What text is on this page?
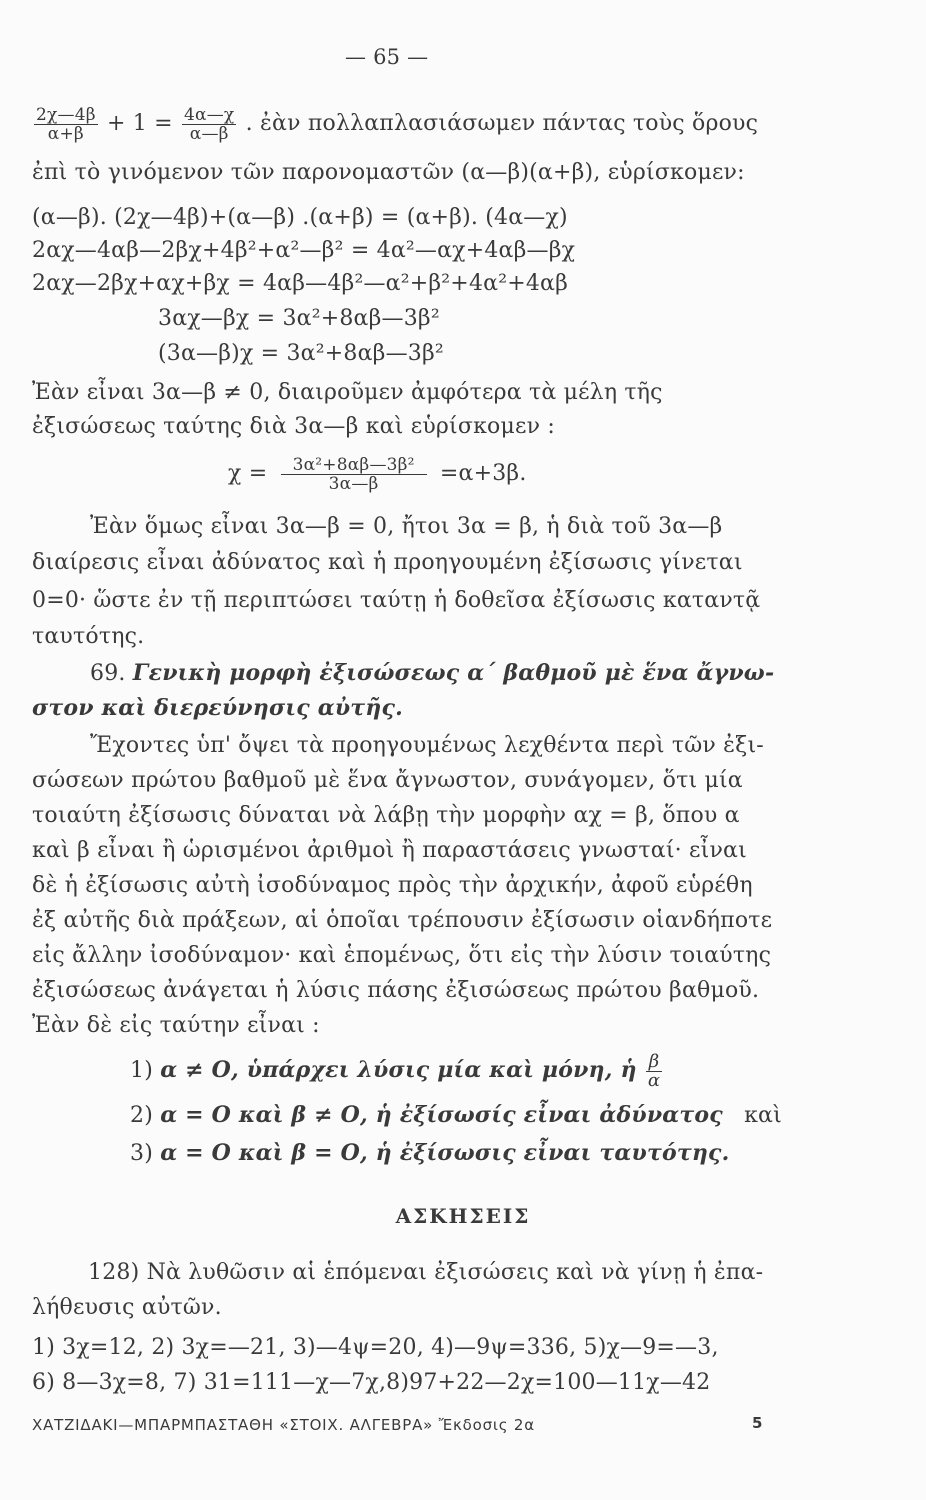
— 65 —
$\frac{2\chi—4\beta}{\alpha+\beta} + 1 = \frac{4\alpha—\chi}{\alpha—\beta}$ . ἐὰν πολλαπλασιάσωμεν πάντας τοὺς ὅρους
ἐπὶ τὸ γινόμενον τῶν παρονομαστῶν (α—β)(α+β), εὑρίσκομεν:
(α—β). (2χ—4β)+(α—β) .(α+β) = (α+β). (4α—χ)
2αχ—4αβ—2βχ+4β²+α²—β² = 4α²—αχ+4αβ—βχ
2αχ—2βχ+αχ+βχ = 4αβ—4β²—α²+β²+4α²+4αβ
3αχ—βχ = 3α²+8αβ—3β²
(3α—β)χ = 3α²+8αβ—3β²
Ἐὰν εἶναι 3α—β ≠ 0, διαιροῦμεν ἀμφότερα τὰ μέλη τῆς
ἐξισώσεως ταύτης διὰ 3α—β καὶ εὑρίσκομεν :
$\chi = \frac{\text{3α²+8αβ—3β²}}{3\alpha—\beta} =\alpha+3\beta$.
Ἐὰν ὅμως εἶναι 3α—β = 0, ἤτοι 3α = β, ἡ διὰ τοῦ 3α—β
διαίρεσις εἶναι ἀδύνατος καὶ ἡ προηγουμένη ἐξίσωσις γίνεται
0=0· ὥστε ἐν τῇ περιπτώσει ταύτῃ ἡ δοθεῖσα ἐξίσωσις καταντᾷ
ταυτότης.
69. Γενικὴ μορφὴ ἐξισώσεως α΄ βαθμοῦ μὲ ἕνα ἄγνω-
στον καὶ διερεύνησις αὐτῆς.
Ἔχοντες ὑπ' ὄψει τὰ προηγουμένως λεχθέντα περὶ τῶν ἐξι-
σώσεων πρώτου βαθμοῦ μὲ ἕνα ἄγνωστον, συνάγομεν, ὅτι μία
τοιαύτη ἐξίσωσις δύναται νὰ λάβῃ τὴν μορφὴν αχ = β, ὅπου α
καὶ β εἶναι ἢ ὡρισμένοι ἀριθμοὶ ἢ παραστάσεις γνωσταί· εἶναι
δὲ ἡ ἐξίσωσις αὐτὴ ἰσοδύναμος πρὸς τὴν ἀρχικήν, ἀφοῦ εὑρέθη
ἐξ αὐτῆς διὰ πράξεων, αἱ ὁποῖαι τρέπουσιν ἐξίσωσιν οἱανδήποτε
εἰς ἄλλην ἰσοδύναμον· καὶ ἑπομένως, ὅτι εἰς τὴν λύσιν τοιαύτης
ἐξισώσεως ἀνάγεται ἡ λύσις πάσης ἐξισώσεως πρώτου βαθμοῦ.
Ἐὰν δὲ εἰς ταύτην εἶναι :
1) α ≠ Ο, ὑπάρχει λύσις μία καὶ μόνη, ἡ $\frac{\beta}{\alpha}$
2) α = Ο καὶ β ≠ Ο, ἡ ἐξίσωσίς εἶναι ἀδύνατος καὶ
3) α = Ο καὶ β = Ο, ἡ ἐξίσωσις εἶναι ταυτότης.
ΑΣΚΗΣΕΙΣ
128) Νὰ λυθῶσιν αἱ ἑπόμεναι ἐξισώσεις καὶ νὰ γίνῃ ἡ ἐπα-
λήθευσις αὐτῶν.
1) 3χ=12, 2) 3χ=—21, 3)—4ψ=20, 4)—9ψ=336, 5)χ—9=—3,
6) 8—3χ=8, 7) 31=111—χ—7χ,8)97+22—2χ=100—11χ—42
ΧΑΤΖΙΔΑΚΙ—ΜΠΑΡΜΠΑΣΤΑΘΗ «ΣΤΟΙΧ. ΑΛΓΕΒΡΑ» Ἔκδοσις 2α	5
